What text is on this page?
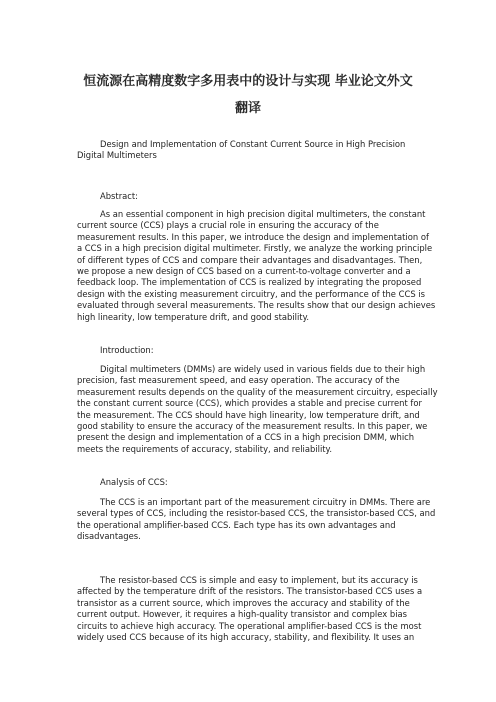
恒流源在高精度数字多用表中的设计与实现 毕业论文外文
翻译
Design and Implementation of Constant Current Source in High Precision
Digital Multimeters
Abstract:
As an essential component in high precision digital multimeters, the constant
current source (CCS) plays a crucial role in ensuring the accuracy of the
measurement results. In this paper, we introduce the design and implementation of
a CCS in a high precision digital multimeter. Firstly, we analyze the working principle
of different types of CCS and compare their advantages and disadvantages. Then,
we propose a new design of CCS based on a current-to-voltage converter and a
feedback loop. The implementation of CCS is realized by integrating the proposed
design with the existing measurement circuitry, and the performance of the CCS is
evaluated through several measurements. The results show that our design achieves
high linearity, low temperature drift, and good stability.
Introduction:
Digital multimeters (DMMs) are widely used in various fields due to their high
precision, fast measurement speed, and easy operation. The accuracy of the
measurement results depends on the quality of the measurement circuitry, especially
the constant current source (CCS), which provides a stable and precise current for
the measurement. The CCS should have high linearity, low temperature drift, and
good stability to ensure the accuracy of the measurement results. In this paper, we
present the design and implementation of a CCS in a high precision DMM, which
meets the requirements of accuracy, stability, and reliability.
Analysis of CCS:
The CCS is an important part of the measurement circuitry in DMMs. There are
several types of CCS, including the resistor-based CCS, the transistor-based CCS, and
the operational amplifier-based CCS. Each type has its own advantages and
disadvantages.
The resistor-based CCS is simple and easy to implement, but its accuracy is
affected by the temperature drift of the resistors. The transistor-based CCS uses a
transistor as a current source, which improves the accuracy and stability of the
current output. However, it requires a high-quality transistor and complex bias
circuits to achieve high accuracy. The operational amplifier-based CCS is the most
widely used CCS because of its high accuracy, stability, and flexibility. It uses an
